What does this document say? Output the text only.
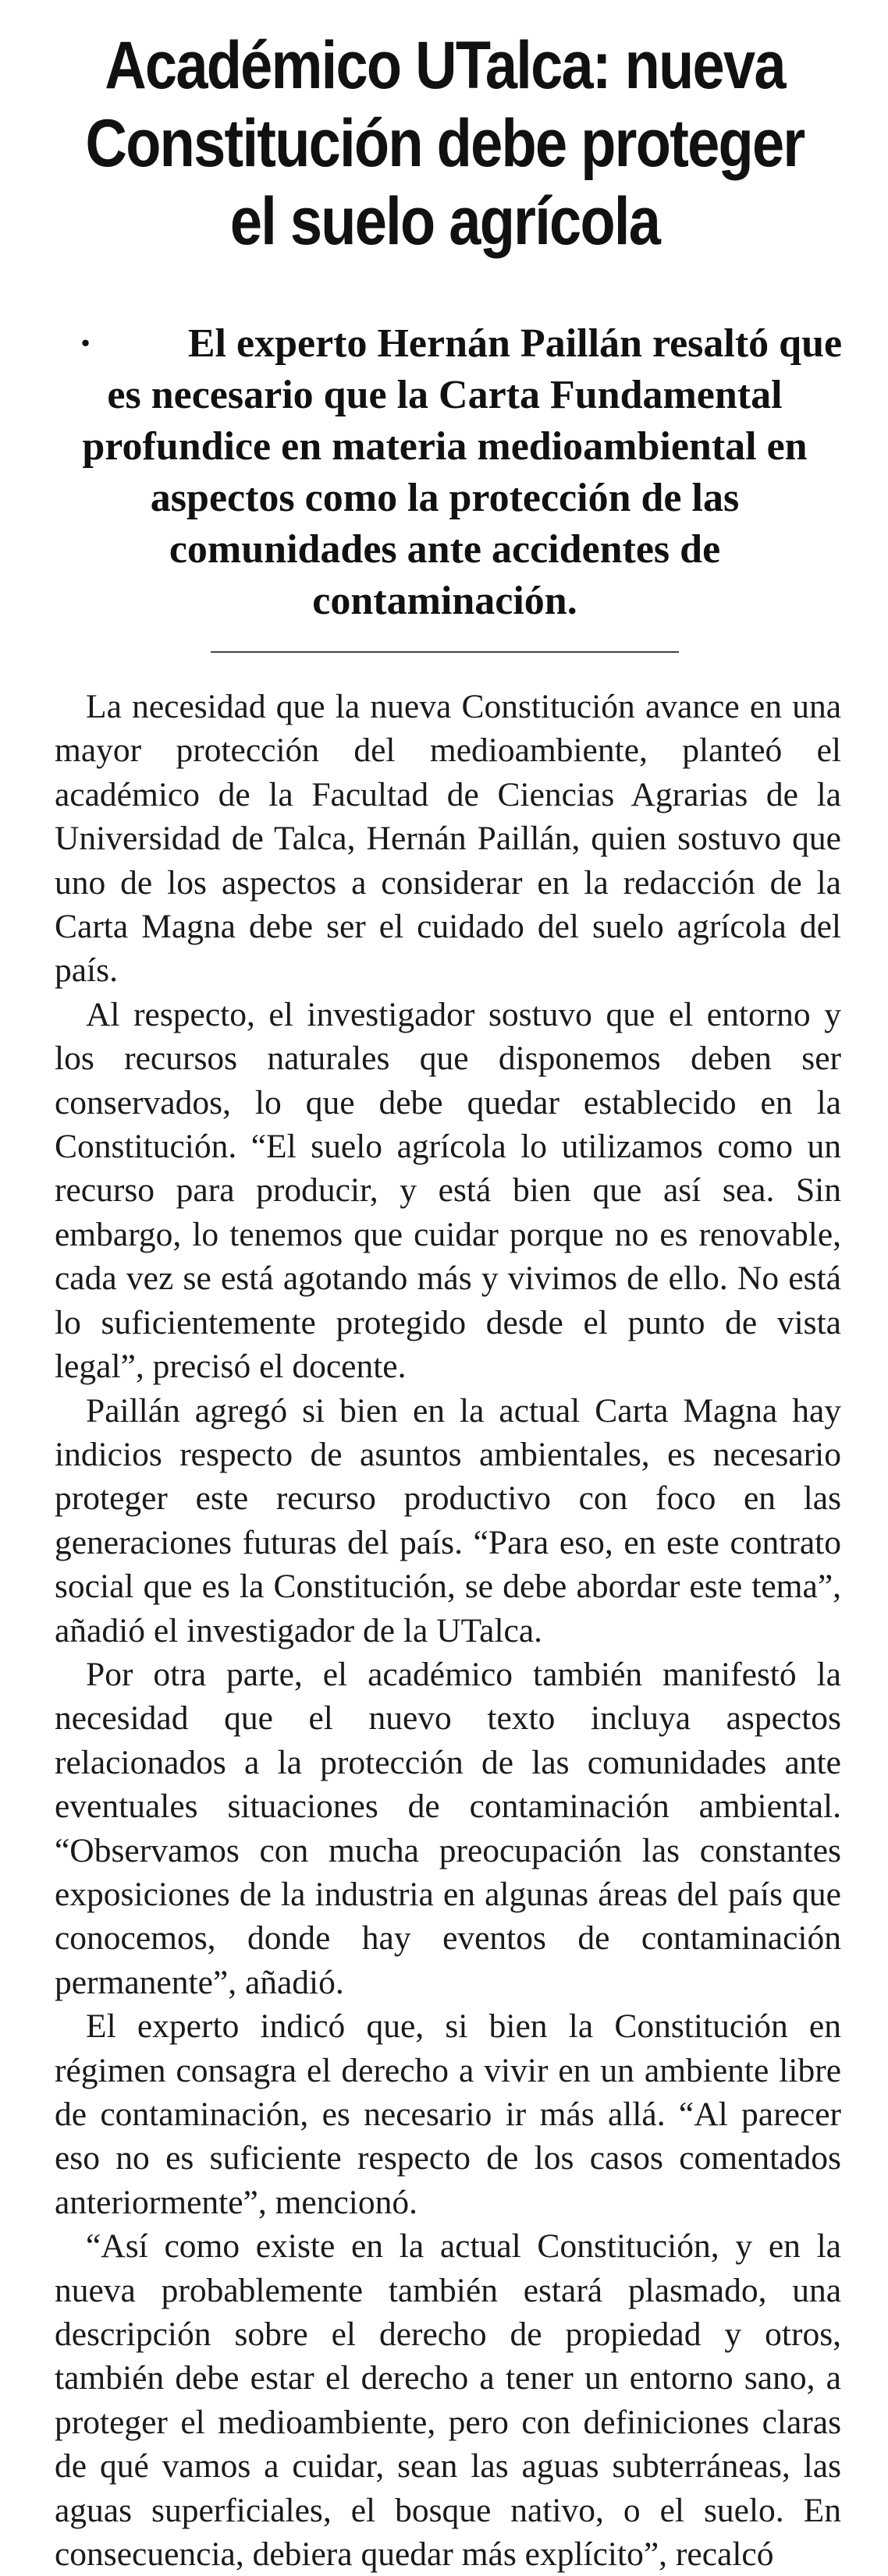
Académico UTalca: nueva Constitución debe proteger el suelo agrícola

· El experto Hernán Paillán resaltó que es necesario que la Carta Fundamental profundice en materia medioambiental en aspectos como la protección de las comunidades ante accidentes de contaminación.

La necesidad que la nueva Constitución avance en una mayor protección del medioambiente, planteó el académico de la Facultad de Ciencias Agrarias de la Universidad de Talca, Hernán Paillán, quien sostuvo que uno de los aspectos a considerar en la redacción de la Carta Magna debe ser el cuidado del suelo agrícola del país.

Al respecto, el investigador sostuvo que el entorno y los recursos naturales que disponemos deben ser conservados, lo que debe quedar establecido en la Constitución. “El suelo agrícola lo utilizamos como un recurso para producir, y está bien que así sea. Sin embargo, lo tenemos que cuidar porque no es renovable, cada vez se está agotando más y vivimos de ello. No está lo suficientemente protegido desde el punto de vista legal”, precisó el docente.

Paillán agregó si bien en la actual Carta Magna hay indicios respecto de asuntos ambientales, es necesario proteger este recurso productivo con foco en las generaciones futuras del país. “Para eso, en este contrato social que es la Constitución, se debe abordar este tema”, añadió el investigador de la UTalca.

Por otra parte, el académico también manifestó la necesidad que el nuevo texto incluya aspectos relacionados a la protección de las comunidades ante eventuales situaciones de contaminación ambiental. “Observamos con mucha preocupación las constantes exposiciones de la industria en algunas áreas del país que conocemos, donde hay eventos de contaminación permanente”, añadió.

El experto indicó que, si bien la Constitución en régimen consagra el derecho a vivir en un ambiente libre de contaminación, es necesario ir más allá. “Al parecer eso no es suficiente respecto de los casos comentados anteriormente”, mencionó.

“Así como existe en la actual Constitución, y en la nueva probablemente también estará plasmado, una descripción sobre el derecho de propiedad y otros, también debe estar el derecho a tener un entorno sano, a proteger el medioambiente, pero con definiciones claras de qué vamos a cuidar, sean las aguas subterráneas, las aguas superficiales, el bosque nativo, o el suelo. En consecuencia, debiera quedar más explícito”, recalcó
